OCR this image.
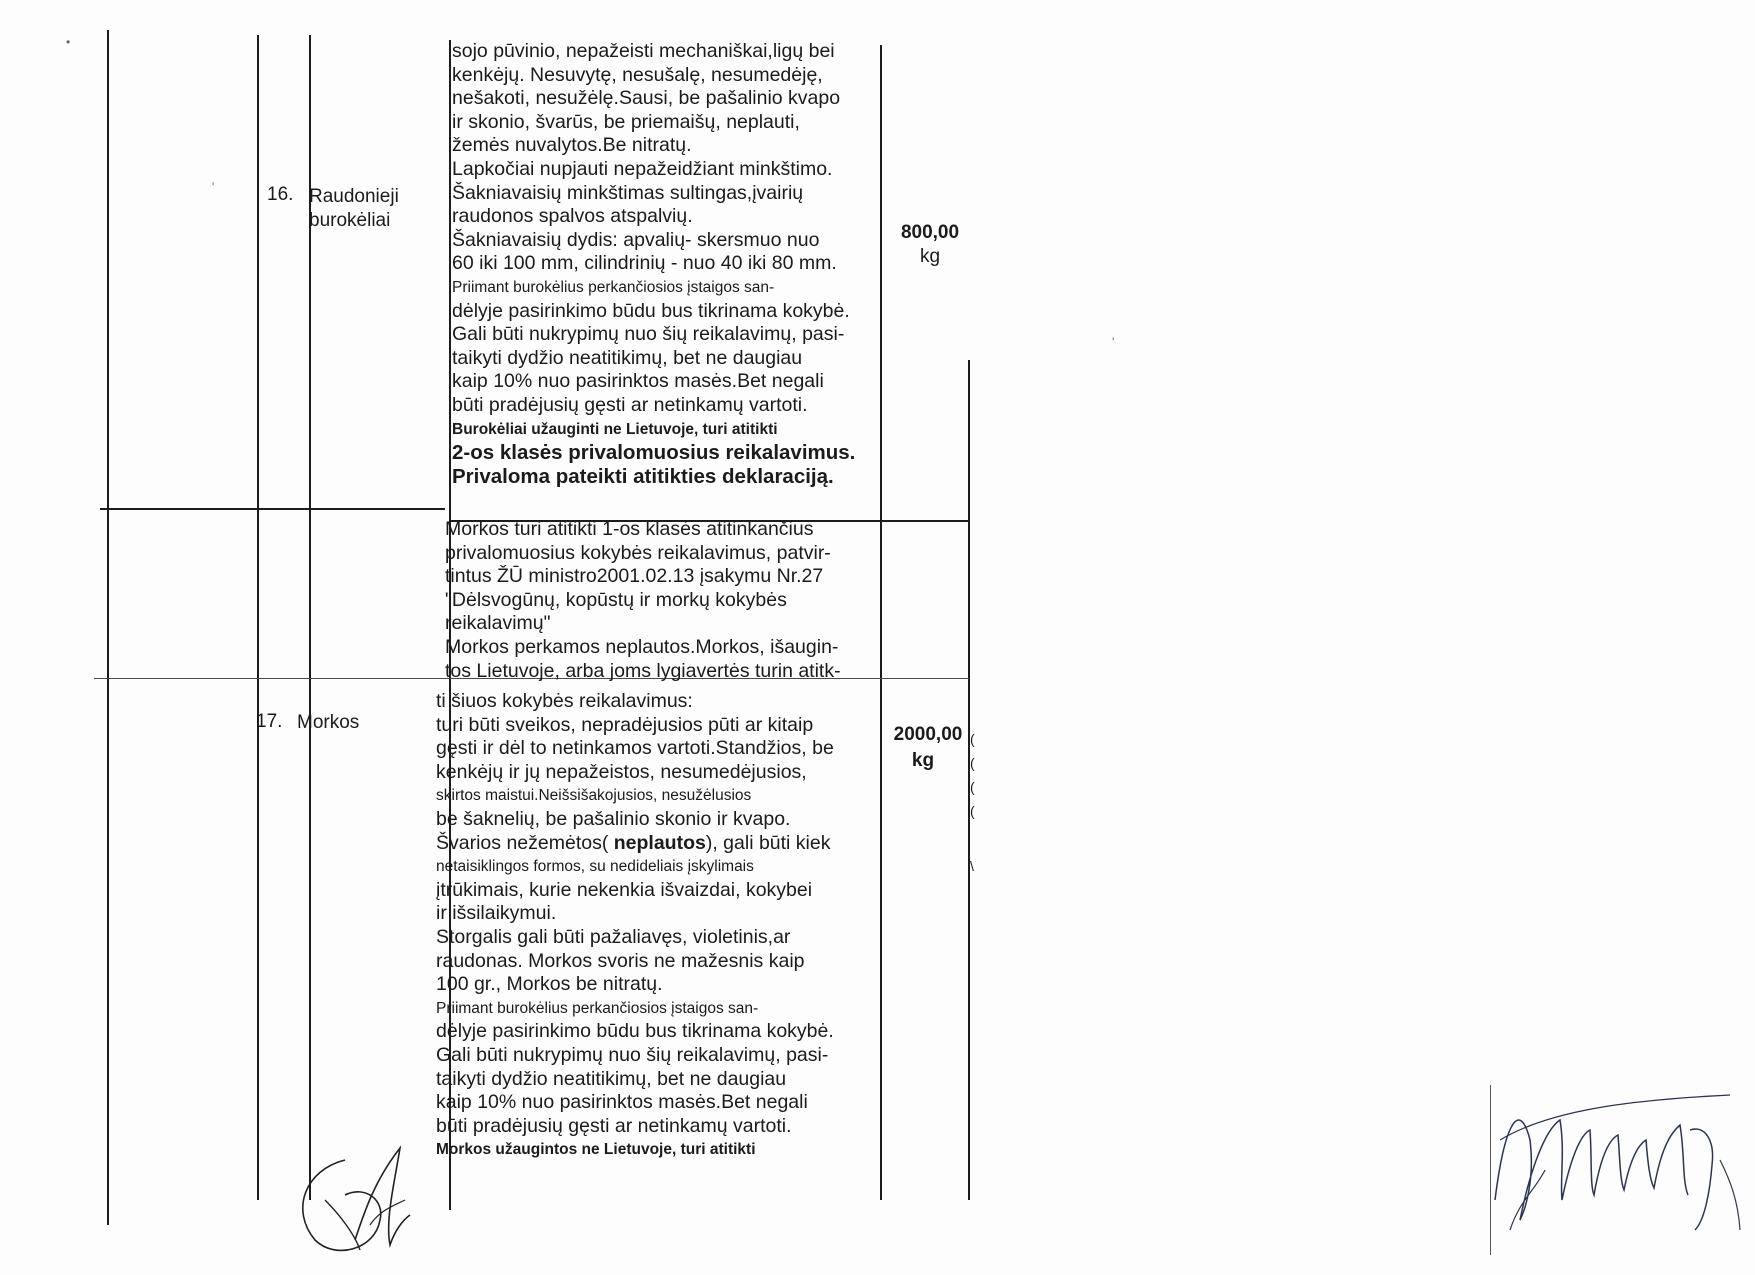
16. Raudonieji
burokėliai
sojo pūvinio, nepažeisti mechaniškai,ligų bei
kenkėjų. Nesuvytę, nesušalę, nesumedėję,
nešakoti, nesužėlę.Sausi, be pašalinio kvapo
ir skonio, švarūs, be priemaišų, neplauti,
žemės nuvalytos.Be nitratų.
Lapkočiai nupjauti nepažeidžiant minkštimo.
Šakniavaisių minkštimas sultingas,įvairių
raudonos spalvos atspalvių.
Šakniavaisių dydis: apvalių- skersmuo nuo
60 iki 100 mm, cilindrinių - nuo 40 iki 80 mm.
Priimant burokėlius perkančiosios įstaigos san-
dėlyje pasirinkimo būdu bus tikrinama kokybė.
Gali būti nukrypimų nuo šių reikalavimų, pasi-
taikyti dydžio neatitikimų, bet ne daugiau
kaip 10% nuo pasirinktos masės.Bet negali
būti pradėjusių gęsti ar netinkamų vartoti.
Burokėliai užauginti ne Lietuvoje, turi atitikti
2-os klasės privalomuosius reikalavimus.
Privaloma pateikti atitikties deklaraciją.
800,00
kg
Morkos turi atitikti 1-os klasės atitinkančius
privalomuosius kokybės reikalavimus, patvir-
tintus ŽŪ ministro2001.02.13 įsakymu Nr.27
"Dėlsvogūnų, kopūstų ir morkų kokybės
reikalavimų"
Morkos perkamos neplautos.Morkos, išaugin-
tos Lietuvoje, arba joms lygiavertės turin atitk-
17. Morkos
ti šiuos kokybės reikalavimus:
turi būti sveikos, nepradėjusios pūti ar kitaip
gęsti ir dėl to netinkamos vartoti.Standžios, be
kenkėjų ir jų nepažeistos, nesumedėjusios,
skirtos maistui.Neišsišakojusios, nesužėlusios
be šaknelių, be pašalinio skonio ir kvapo.
Švarios nežemėtos( neplautos), gali būti kiek
netaisiklingos formos, su nedideliais įskylimais
įtrūkimais, kurie nekenkia išvaizdai, kokybei
ir išsilaikymui.
Storgalis gali būti pažaliavęs, violetinis,ar
raudonas. Morkos svoris ne mažesnis kaip
100 gr., Morkos be nitratų.
Priimant burokėlius perkančiosios įstaigos san-
dėlyje pasirinkimo būdu bus tikrinama kokybė.
Gali būti nukrypimų nuo šių reikalavimų, pasi-
taikyti dydžio neatitikimų, bet ne daugiau
kaip 10% nuo pasirinktos masės.Bet negali
būti pradėjusių gęsti ar netinkamų vartoti.
Morkos užaugintos ne Lietuvoje, turi atitikti
2000,00
kg
(
(
(
(
\
•
'
'
